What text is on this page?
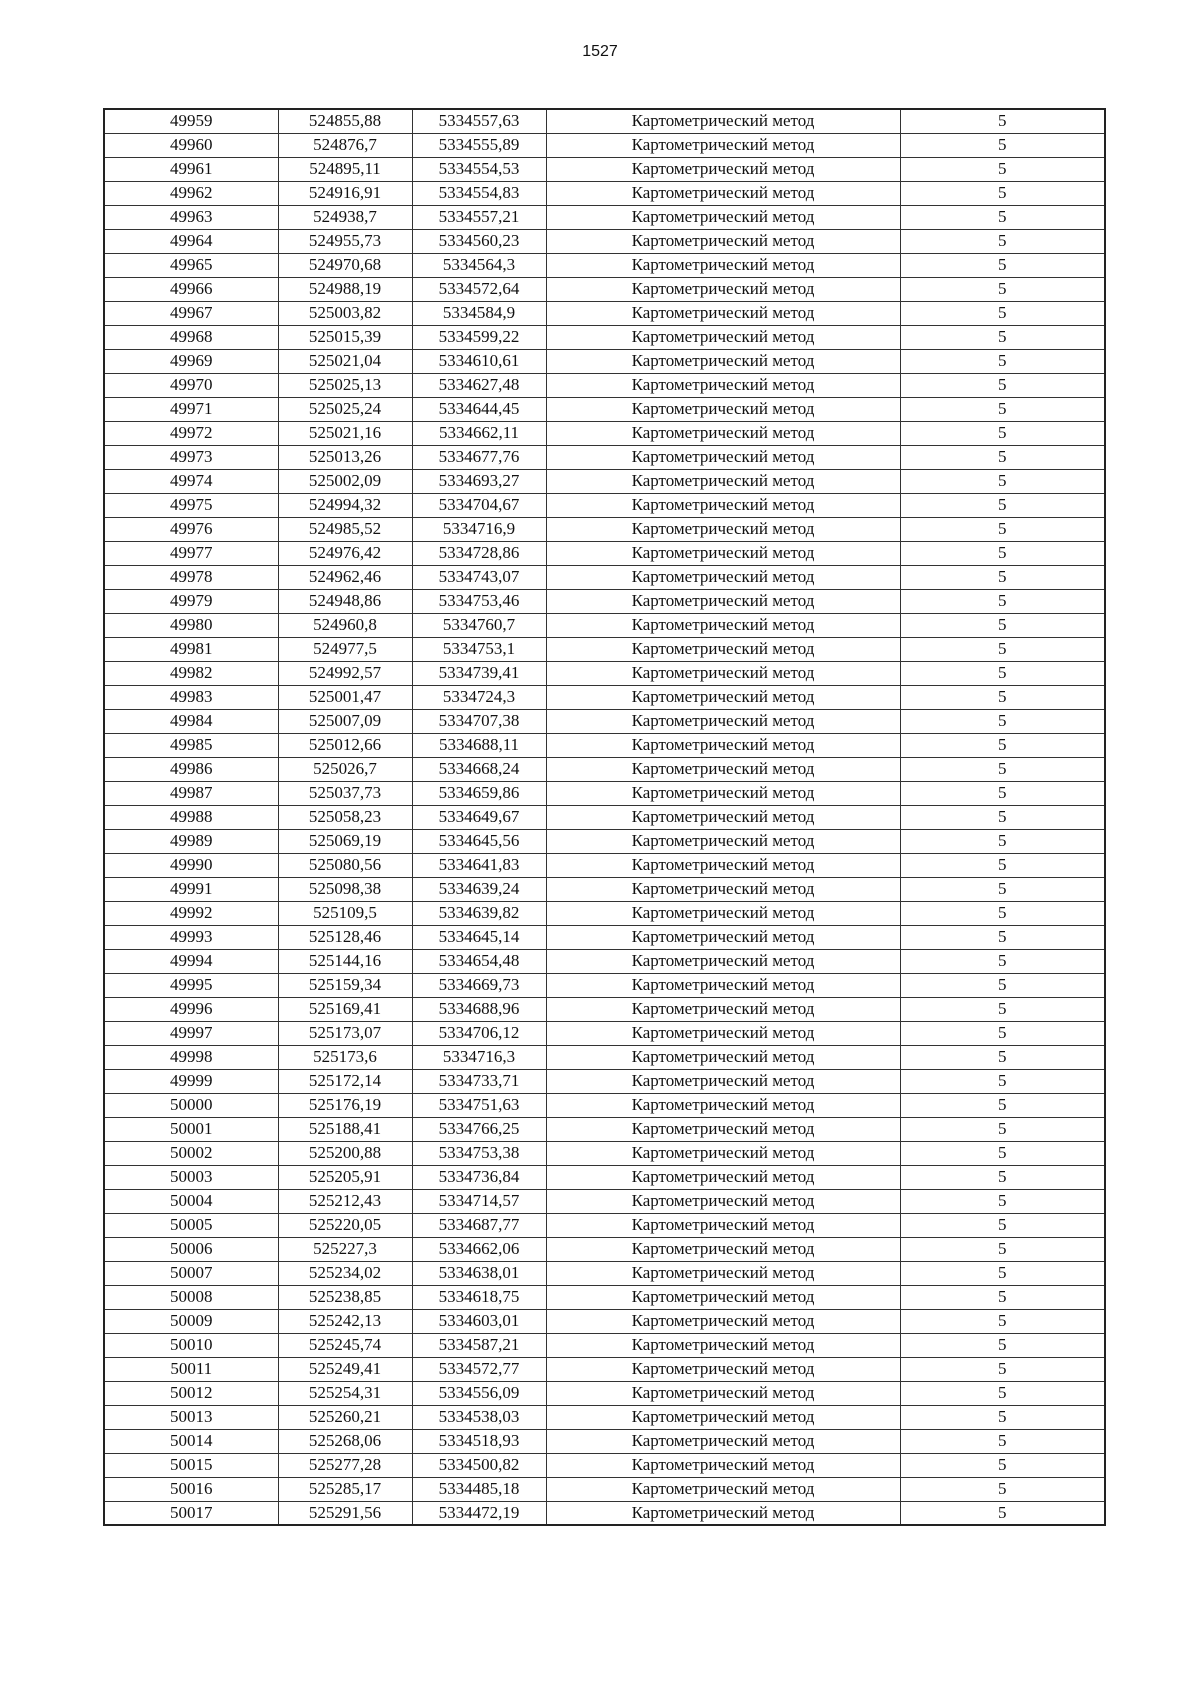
1527
49959	524855,88	5334557,63	Картометрический метод	5
49960	524876,7	5334555,89	Картометрический метод	5
49961	524895,11	5334554,53	Картометрический метод	5
49962	524916,91	5334554,83	Картометрический метод	5
49963	524938,7	5334557,21	Картометрический метод	5
49964	524955,73	5334560,23	Картометрический метод	5
49965	524970,68	5334564,3	Картометрический метод	5
49966	524988,19	5334572,64	Картометрический метод	5
49967	525003,82	5334584,9	Картометрический метод	5
49968	525015,39	5334599,22	Картометрический метод	5
49969	525021,04	5334610,61	Картометрический метод	5
49970	525025,13	5334627,48	Картометрический метод	5
49971	525025,24	5334644,45	Картометрический метод	5
49972	525021,16	5334662,11	Картометрический метод	5
49973	525013,26	5334677,76	Картометрический метод	5
49974	525002,09	5334693,27	Картометрический метод	5
49975	524994,32	5334704,67	Картометрический метод	5
49976	524985,52	5334716,9	Картометрический метод	5
49977	524976,42	5334728,86	Картометрический метод	5
49978	524962,46	5334743,07	Картометрический метод	5
49979	524948,86	5334753,46	Картометрический метод	5
49980	524960,8	5334760,7	Картометрический метод	5
49981	524977,5	5334753,1	Картометрический метод	5
49982	524992,57	5334739,41	Картометрический метод	5
49983	525001,47	5334724,3	Картометрический метод	5
49984	525007,09	5334707,38	Картометрический метод	5
49985	525012,66	5334688,11	Картометрический метод	5
49986	525026,7	5334668,24	Картометрический метод	5
49987	525037,73	5334659,86	Картометрический метод	5
49988	525058,23	5334649,67	Картометрический метод	5
49989	525069,19	5334645,56	Картометрический метод	5
49990	525080,56	5334641,83	Картометрический метод	5
49991	525098,38	5334639,24	Картометрический метод	5
49992	525109,5	5334639,82	Картометрический метод	5
49993	525128,46	5334645,14	Картометрический метод	5
49994	525144,16	5334654,48	Картометрический метод	5
49995	525159,34	5334669,73	Картометрический метод	5
49996	525169,41	5334688,96	Картометрический метод	5
49997	525173,07	5334706,12	Картометрический метод	5
49998	525173,6	5334716,3	Картометрический метод	5
49999	525172,14	5334733,71	Картометрический метод	5
50000	525176,19	5334751,63	Картометрический метод	5
50001	525188,41	5334766,25	Картометрический метод	5
50002	525200,88	5334753,38	Картометрический метод	5
50003	525205,91	5334736,84	Картометрический метод	5
50004	525212,43	5334714,57	Картометрический метод	5
50005	525220,05	5334687,77	Картометрический метод	5
50006	525227,3	5334662,06	Картометрический метод	5
50007	525234,02	5334638,01	Картометрический метод	5
50008	525238,85	5334618,75	Картометрический метод	5
50009	525242,13	5334603,01	Картометрический метод	5
50010	525245,74	5334587,21	Картометрический метод	5
50011	525249,41	5334572,77	Картометрический метод	5
50012	525254,31	5334556,09	Картометрический метод	5
50013	525260,21	5334538,03	Картометрический метод	5
50014	525268,06	5334518,93	Картометрический метод	5
50015	525277,28	5334500,82	Картометрический метод	5
50016	525285,17	5334485,18	Картометрический метод	5
50017	525291,56	5334472,19	Картометрический метод	5
